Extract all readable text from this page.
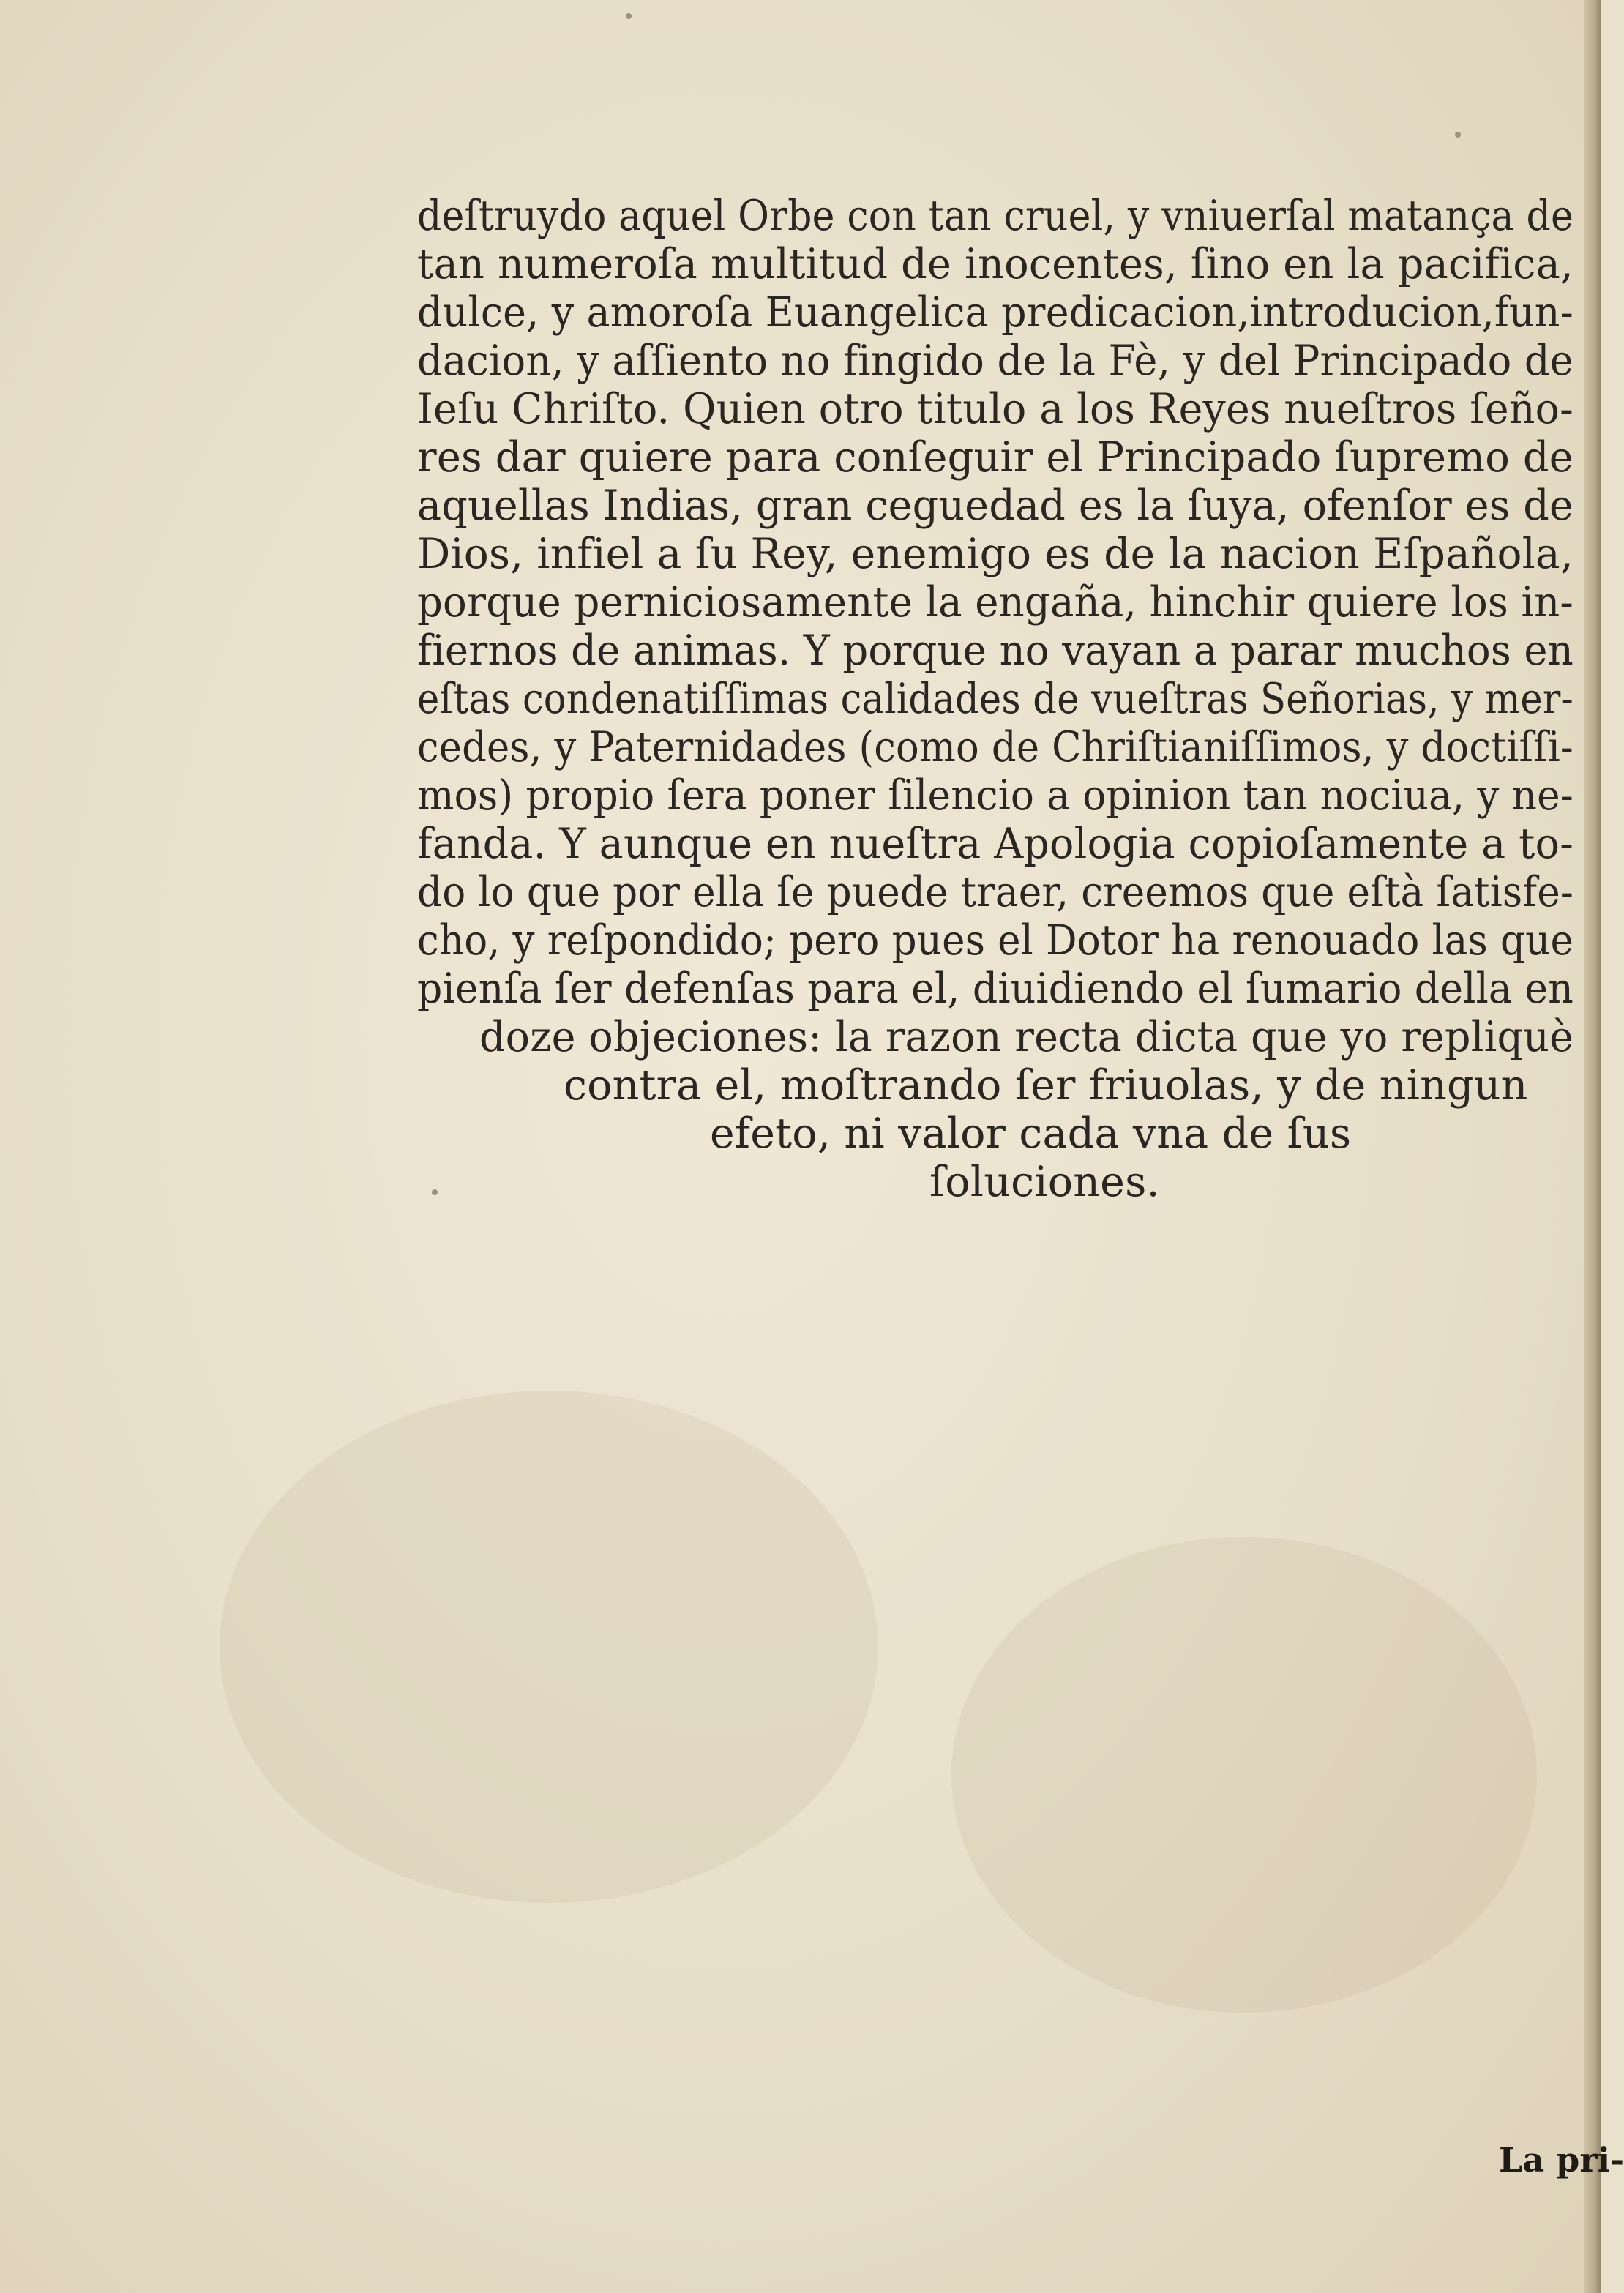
deſtruydo aquel Orbe con tan cruel, y vniuerſal matança de
tan numeroſa multitud de inocentes, ſino en la pacifica,
dulce, y amoroſa Euangelica predicacion,introducion,fun-
dacion, y aſſiento no fingido de la Fè, y del Principado de
Ieſu Chriſto. Quien otro titulo a los Reyes nueſtros ſeño-
res dar quiere para conſeguir el Principado ſupremo de
aquellas Indias, gran ceguedad es la ſuya, ofenſor es de
Dios, infiel a ſu Rey, enemigo es de la nacion Eſpañola,
porque perniciosamente la engaña, hinchir quiere los in-
fiernos de animas. Y porque no vayan a parar muchos en
eſtas condenatiſſimas calidades de vueſtras Señorias, y mer-
cedes, y Paternidades (como de Chriſtianiſſimos, y doctiſſi-
mos) propio ſera poner ſilencio a opinion tan nociua, y ne-
fanda. Y aunque en nueſtra Apologia copioſamente a to-
do lo que por ella ſe puede traer, creemos que eſtà ſatisfe-
cho, y reſpondido; pero pues el Dotor ha renouado las que
pienſa ſer defenſas para el, diuidiendo el ſumario della en
doze objeciones: la razon recta dicta que yo repliquè
contra el, moſtrando ſer friuolas, y de ningun
efeto, ni valor cada vna de ſus
ſoluciones.
La pri-
